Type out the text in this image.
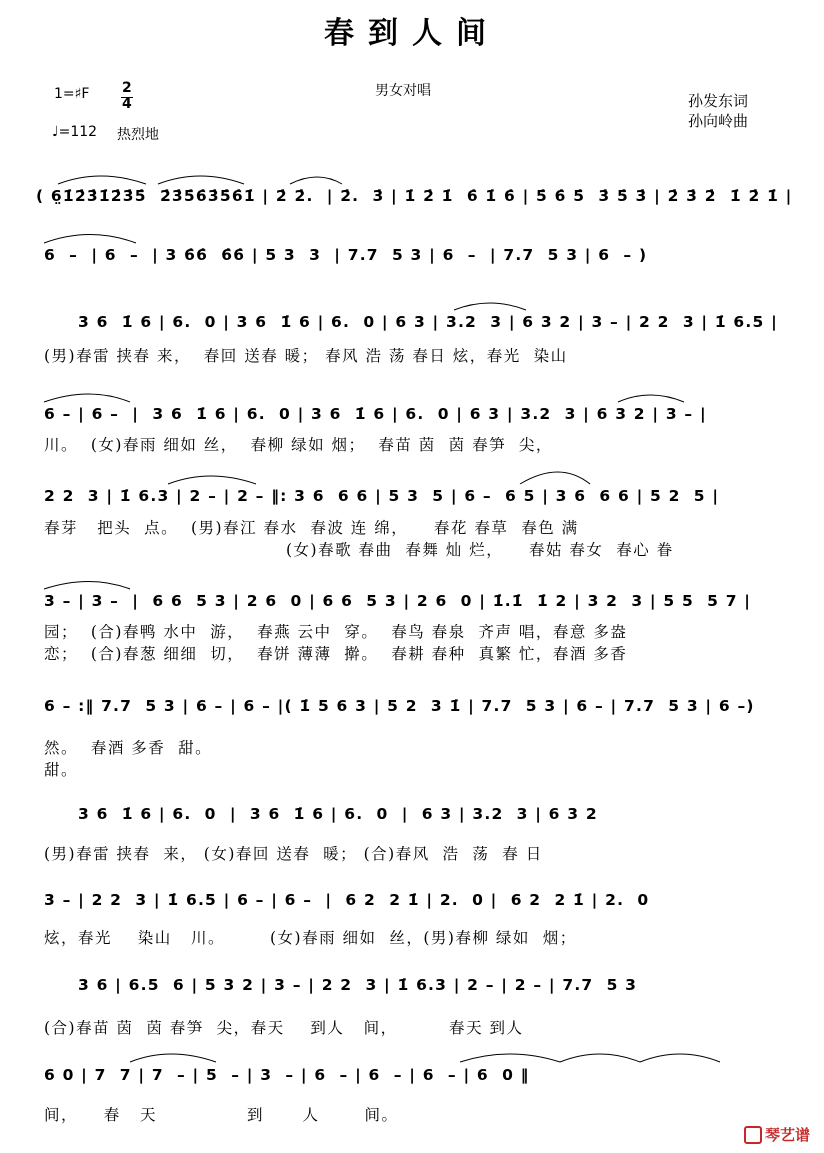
春到人间
1=♯F 2
4
♩=112 热烈地
男女对唱
孙发东词
孙向岭曲
( 6̤1̇2̇3̇1̇2̇3̇5̇  2̇3̇5̇6̇3̇5̇6̇1̇ | 2̇ 2̇.  | 2̇.  3̇ | 1̇ 2̇ 1̇  6̇ 1̇ 6̇ | 5̇ 6̇ 5̇  3̇ 5̇ 3̇ | 2̇ 3̇ 2̇  1̇ 2̇ 1̇ |
6  –  | 6  –  | 3 6̇6̇  6̇6̇ | 5 3  3  | 7.7  5 3 | 6  –  | 7.7  5 3 | 6  – )
3 6  1̇ 6 | 6.  0 | 3 6  1̇ 6 | 6.  0 | 6 3 | 3.2  3 | 6 3 2 | 3 – | 2 2  3 | 1̇ 6.5 |
6 – | 6 –  |  3 6  1̇ 6 | 6.  0 | 3 6  1̇ 6 | 6.  0 | 6 3 | 3.2  3 | 6 3 2 | 3 – |
2 2  3 | 1̇ 6.3 | 2 – | 2 – ‖: 3 6  6 6 | 5 3  5 | 6 –  6 5 | 3 6  6 6 | 5 2  5 |
3 – | 3 –  |  6 6  5 3 | 2 6  0 | 6 6  5 3 | 2 6  0 | 1̇.1̇  1̇ 2 | 3 2  3 | 5 5  5 7 |
6 – :‖ 7.7  5 3 | 6 – | 6 – |( 1̇ 5 6 3 | 5 2  3 1̇ | 7.7  5 3 | 6 – | 7.7  5 3 | 6 –)
3 6  1̇ 6 | 6.  0  |  3 6  1̇ 6 | 6.  0  |  6 3 | 3.2  3 | 6 3 2
3 – | 2 2  3 | 1̇ 6.5 | 6 – | 6 –  |  6 2  2 1̇ | 2.  0 |  6 2  2 1̇ | 2.  0
3 6 | 6.5  6 | 5 3 2 | 3 – | 2 2  3 | 1̇ 6.3 | 2 – | 2 – | 7.7  5 3
6 0 | 7  7 | 7  – | 5  – | 3  – | 6  – | 6  – | 6  – | 6  0 ‖
(男)春雷 挟春 来，  春回 送春 暖； 春风 浩 荡 春日 炫，春光  染山
川。  (女)春雨 细如 丝，  春柳 绿如 烟；  春苗 茵  茵 春笋  尖，
春芽   把头  点。  (男)春江 春水  春波 连 绵，    春花 春草  春色 满
(女)春歌 春曲  春舞 灿 烂，    春姑 春女  春心 眷
园；  (合)春鸭 水中  游，  春燕 云中  穿。  春鸟 春泉  齐声 唱，春意 多盎
恋；  (合)春葱 细细  切，  春饼 薄薄  擀。  春耕 春种  真繁 忙，春酒 多香
然。  春酒 多香  甜。
甜。
(男)春雷 挟春  来， (女)春回 送春  暖； (合)春风  浩  荡  春 日
炫，春光    染山   川。       (女)春雨 细如  丝，(男)春柳 绿如  烟；
(合)春苗 茵  茵 春笋  尖，春天    到人   间，        春天 到人
间，    春   天              到      人       间。
琴艺谱
